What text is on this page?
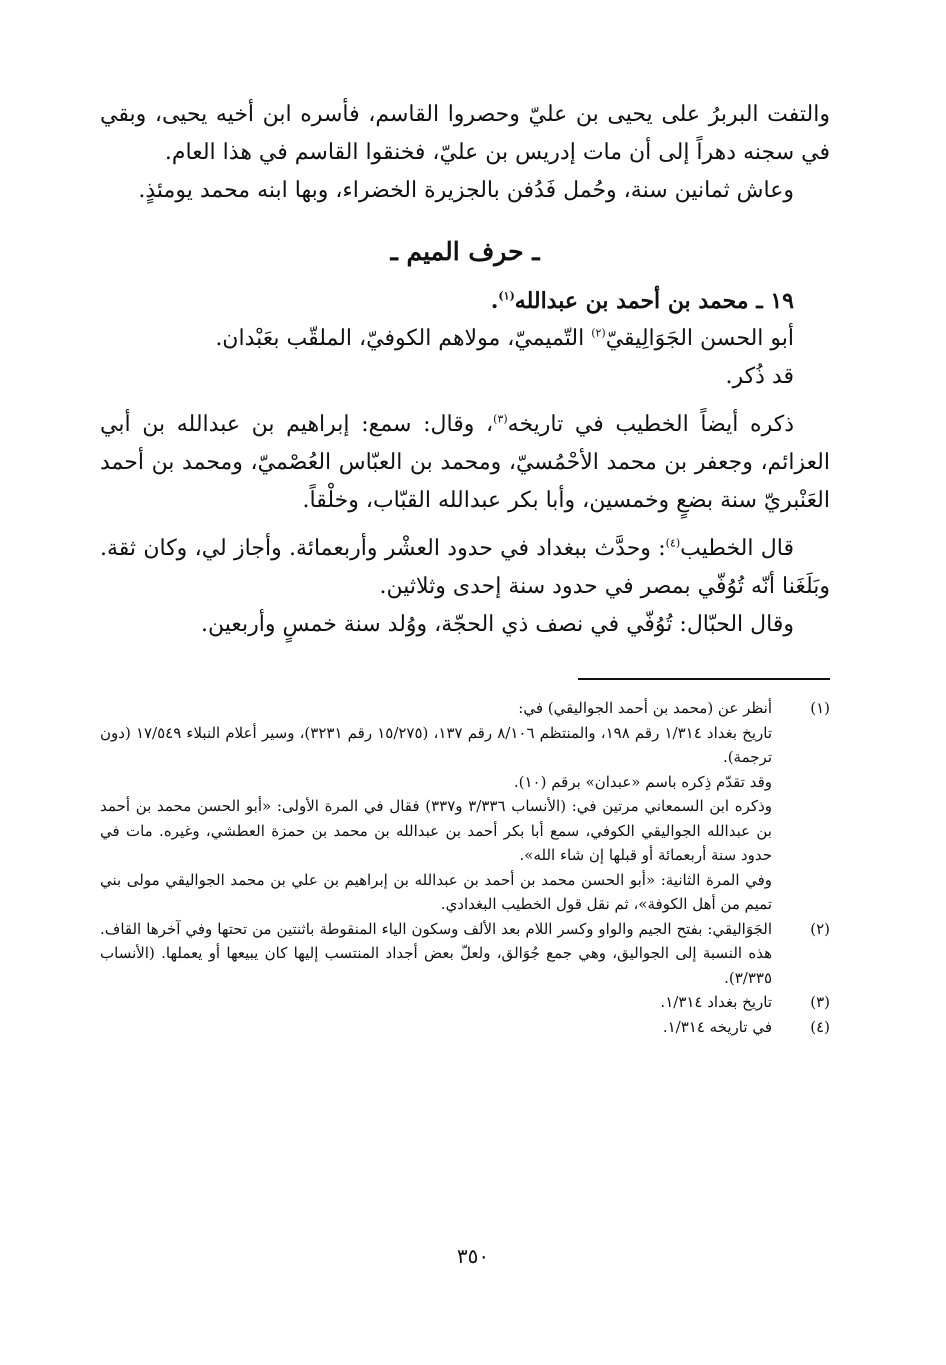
والتفت البربرُ على يحيى بن عليّ وحصروا القاسم، فأسره ابن أخيه يحيى، وبقي في سجنه دهراً إلى أن مات إدريس بن عليّ، فخنقوا القاسم في هذا العام.
وعاش ثمانين سنة، وحُمل فَدُفن بالجزيرة الخضراء، وبها ابنه محمد يومئذٍ.
ـ حرف الميم ـ
١٩ ـ محمد بن أحمد بن عبدالله$^{(١)}$.
أبو الحسن الجَوَالِيقيّ$^{(٢)}$ التّميميّ، مولاهم الكوفيّ، الملقّب بعَبْدان.
قد ذُكر.
ذكره أيضاً الخطيب في تاريخه$^{(٣)}$، وقال: سمع: إبراهيم بن عبدالله بن أبي العزائم، وجعفر بن محمد الأحْمُسيّ، ومحمد بن العبّاس العُصْميّ، ومحمد بن أحمد العَنْبريّ سنة بضعٍ وخمسين، وأبا بكر عبدالله القبّاب، وخلْقاً.
قال الخطيب$^{(٤)}$: وحدَّث ببغداد في حدود العشْر وأربعمائة. وأجاز لي، وكان ثقة. وبَلَغَنا أنّه تُوُفّي بمصر في حدود سنة إحدى وثلاثين.
وقال الحبّال: تُوُفّي في نصف ذي الحجّة، ووُلد سنة خمسٍ وأربعين.
(١)
أنظر عن (محمد بن أحمد الجواليقي) في:
تاريخ بغداد ١/٣١٤ رقم ١٩٨، والمنتظم ٨/١٠٦ رقم ١٣٧، (١٥/٢٧٥ رقم ٣٢٣١)، وسير أعلام النبلاء ١٧/٥٤٩ (دون ترجمة).
وقد تقدّم ذِكره باسم «عبدان» برقم (١٠).
وذكره ابن السمعاني مرتين في: (الأنساب ٣/٣٣٦ و٣٣٧) فقال في المرة الأولى: «أبو الحسن محمد بن أحمد بن عبدالله الجواليقي الكوفي، سمع أبا بكر أحمد بن عبدالله بن محمد بن حمزة العطشي، وغيره. مات في حدود سنة أربعمائة أو قبلها إن شاء الله».
وفي المرة الثانية: «أبو الحسن محمد بن أحمد بن عبدالله بن إبراهيم بن علي بن محمد الجواليقي مولى بني تميم من أهل الكوفة»، ثم نقل قول الخطيب البغدادي.
(٢)
الجَوَاليقي: بفتح الجيم والواو وكسر اللام بعد الألف وسكون الياء المنقوطة باثنتين من تحتها وفي آخرها القاف. هذه النسبة إلى الجواليق، وهي جمع جُوَالق، ولعلّ بعض أجداد المنتسب إليها كان يبيعها أو يعملها. (الأنساب ٣/٣٣٥).
(٣)
تاريخ بغداد ١/٣١٤.
(٤)
في تاريخه ١/٣١٤.
٣٥٠
